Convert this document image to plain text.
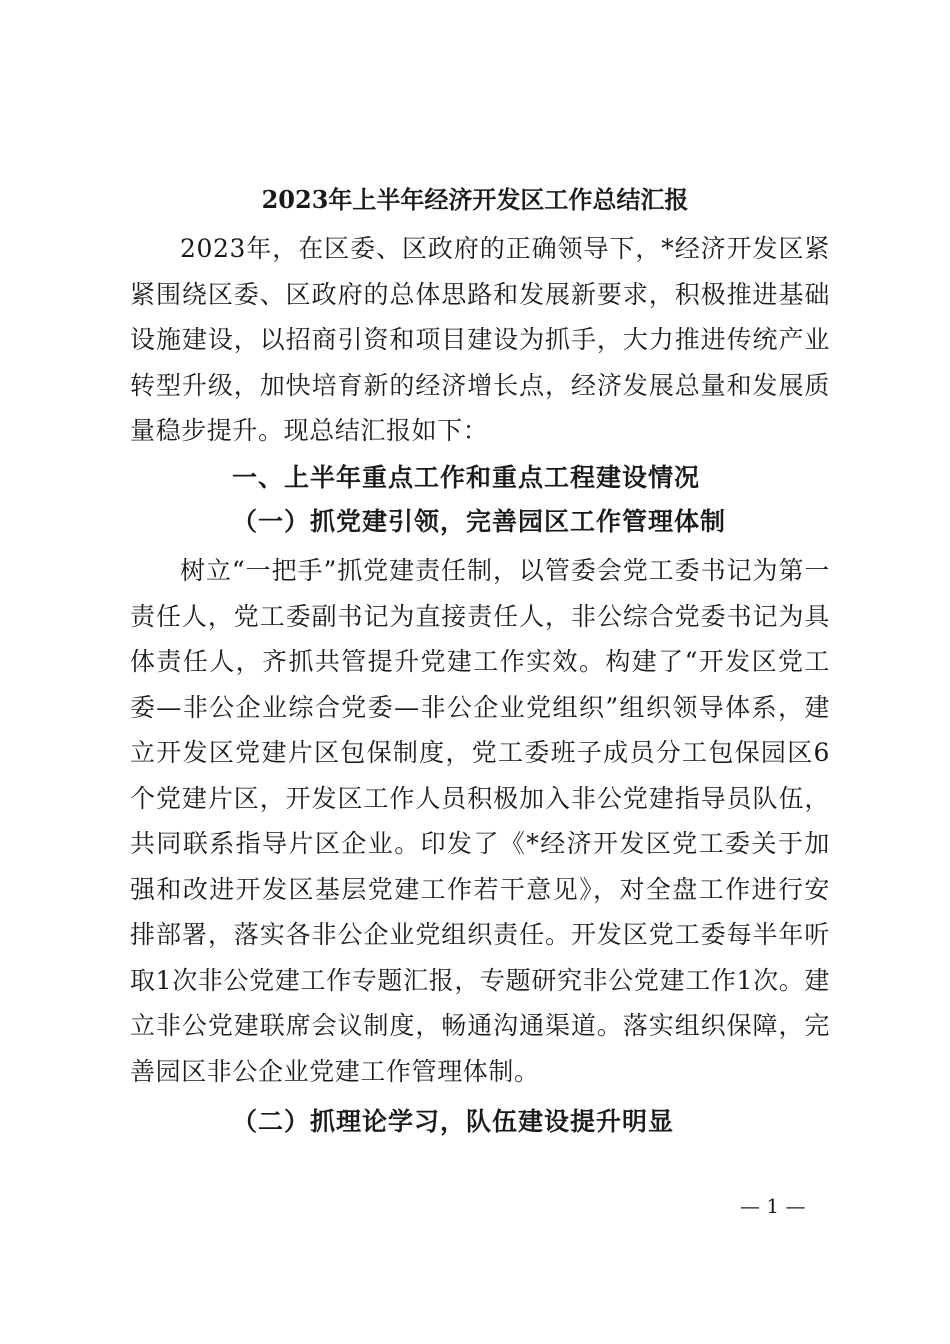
2023年上半年经济开发区工作总结汇报

2023年，在区委、区政府的正确领导下，*经济开发区紧紧围绕区委、区政府的总体思路和发展新要求，积极推进基础设施建设，以招商引资和项目建设为抓手，大力推进传统产业转型升级，加快培育新的经济增长点，经济发展总量和发展质量稳步提升。现总结汇报如下：

一、上半年重点工作和重点工程建设情况
（一）抓党建引领，完善园区工作管理体制

树立“一把手”抓党建责任制，以管委会党工委书记为第一责任人，党工委副书记为直接责任人，非公综合党委书记为具体责任人，齐抓共管提升党建工作实效。构建了“开发区党工委—非公企业综合党委—非公企业党组织”组织领导体系，建立开发区党建片区包保制度，党工委班子成员分工包保园区6个党建片区，开发区工作人员积极加入非公党建指导员队伍，共同联系指导片区企业。印发了《*经济开发区党工委关于加强和改进开发区基层党建工作若干意见》，对全盘工作进行安排部署，落实各非公企业党组织责任。开发区党工委每半年听取1次非公党建工作专题汇报，专题研究非公党建工作1次。建立非公党建联席会议制度，畅通沟通渠道。落实组织保障，完善园区非公企业党建工作管理体制。

（二）抓理论学习，队伍建设提升明显
— 1 —
